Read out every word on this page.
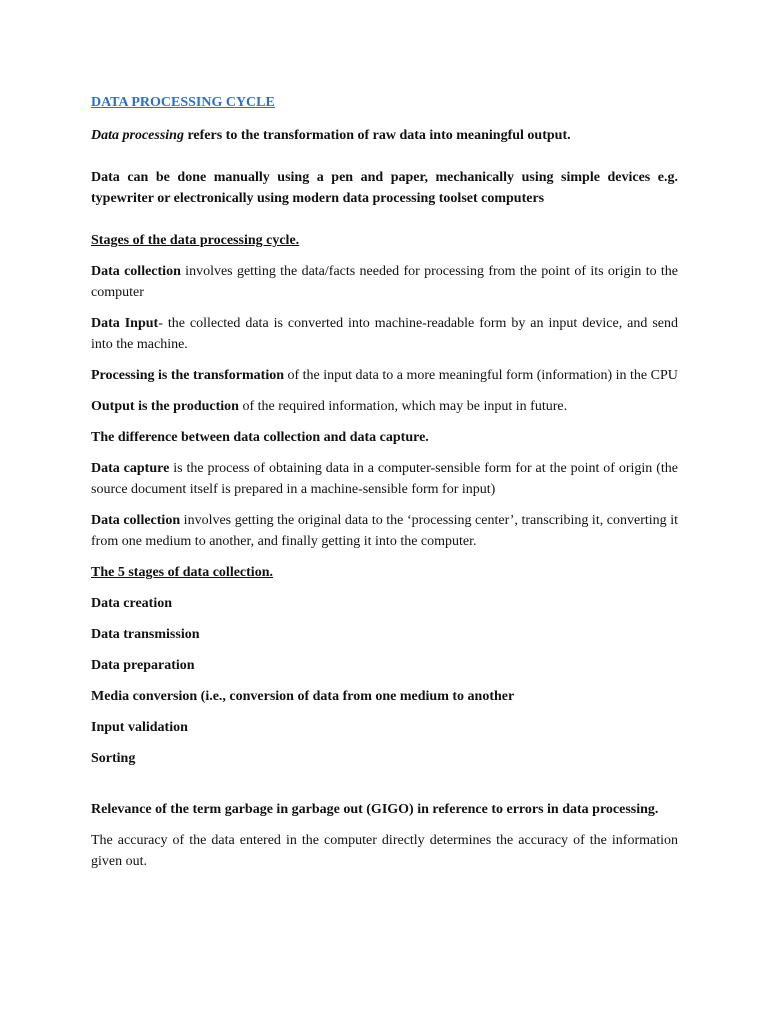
DATA PROCESSING CYCLE

Data processing refers to the transformation of raw data into meaningful output.

Data can be done manually using a pen and paper, mechanically using simple devices e.g. typewriter or electronically using modern data processing toolset computers

Stages of the data processing cycle.

Data collection involves getting the data/facts needed for processing from the point of its origin to the computer

Data Input- the collected data is converted into machine-readable form by an input device, and send into the machine.

Processing is the transformation of the input data to a more meaningful form (information) in the CPU

Output is the production of the required information, which may be input in future.

The difference between data collection and data capture.

Data capture is the process of obtaining data in a computer-sensible form for at the point of origin (the source document itself is prepared in a machine-sensible form for input)

Data collection involves getting the original data to the ‘processing center’, transcribing it, converting it from one medium to another, and finally getting it into the computer.

The 5 stages of data collection.

Data creation

Data transmission

Data preparation

Media conversion (i.e., conversion of data from one medium to another

Input validation

Sorting

Relevance of the term garbage in garbage out (GIGO) in reference to errors in data processing.

The accuracy of the data entered in the computer directly determines the accuracy of the information given out.
